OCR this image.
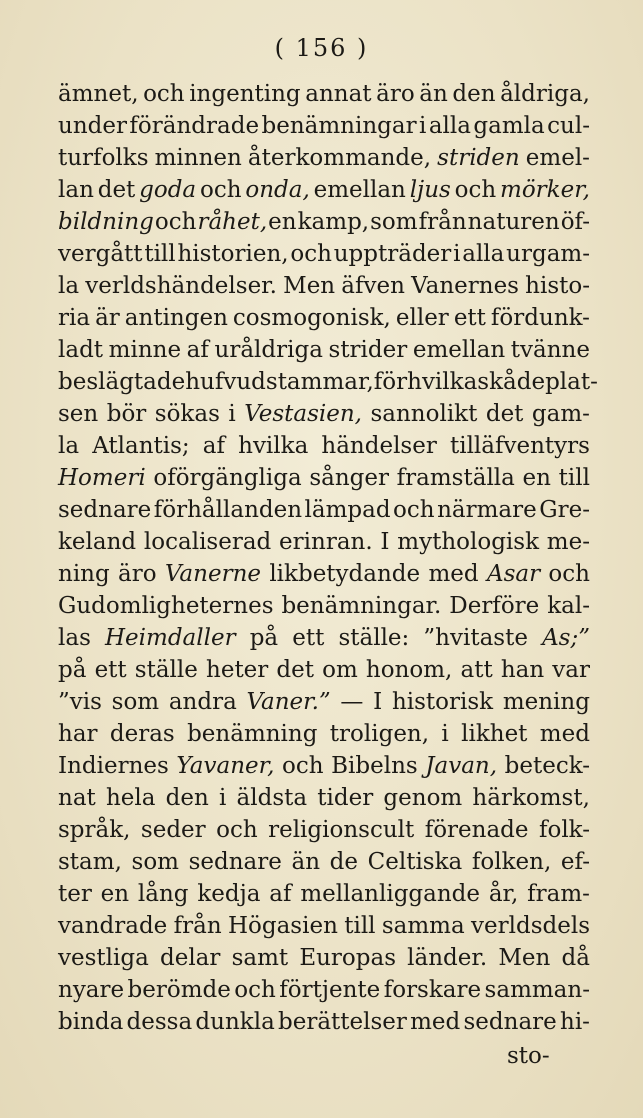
( 156 )
ämnet, och ingenting annat äro än den åldriga,
under förändrade benämningar i alla gamla cul-
turfolks minnen återkommande, striden emel-
lan det goda och onda, emellan ljus och mörker,
bildning och råhet, en kamp, som från naturen öf-
vergått till historien, och uppträder i alla urgam-
la verldshändelser. Men äfven Vanernes histo-
ria är antingen cosmogonisk, eller ett fördunk-
ladt minne af uråldriga strider emellan tvänne
beslägtade hufvudstammar, för hvilka skådeplat-
sen bör sökas i Vestasien, sannolikt det gam-
la Atlantis; af hvilka händelser tilläfventyrs
Homeri oförgängliga sånger framställa en till
sednare förhållanden lämpad och närmare Gre-
keland localiserad erinran. I mythologisk me-
ning äro Vanerne likbetydande med Asar och
Gudomligheternes benämningar. Derföre kal-
las Heimdaller på ett ställe: ”hvitaste As;”
på ett ställe heter det om honom, att han var
”vis som andra Vaner.” — I historisk mening
har deras benämning troligen, i likhet med
Indiernes Yavaner, och Bibelns Javan, beteck-
nat hela den i äldsta tider genom härkomst,
språk, seder och religionscult förenade folk-
stam, som sednare än de Celtiska folken, ef-
ter en lång kedja af mellanliggande år, fram-
vandrade från Högasien till samma verldsdels
vestliga delar samt Europas länder. Men då
nyare berömde och förtjente forskare samman-
binda dessa dunkla berättelser med sednare hi-
sto-
